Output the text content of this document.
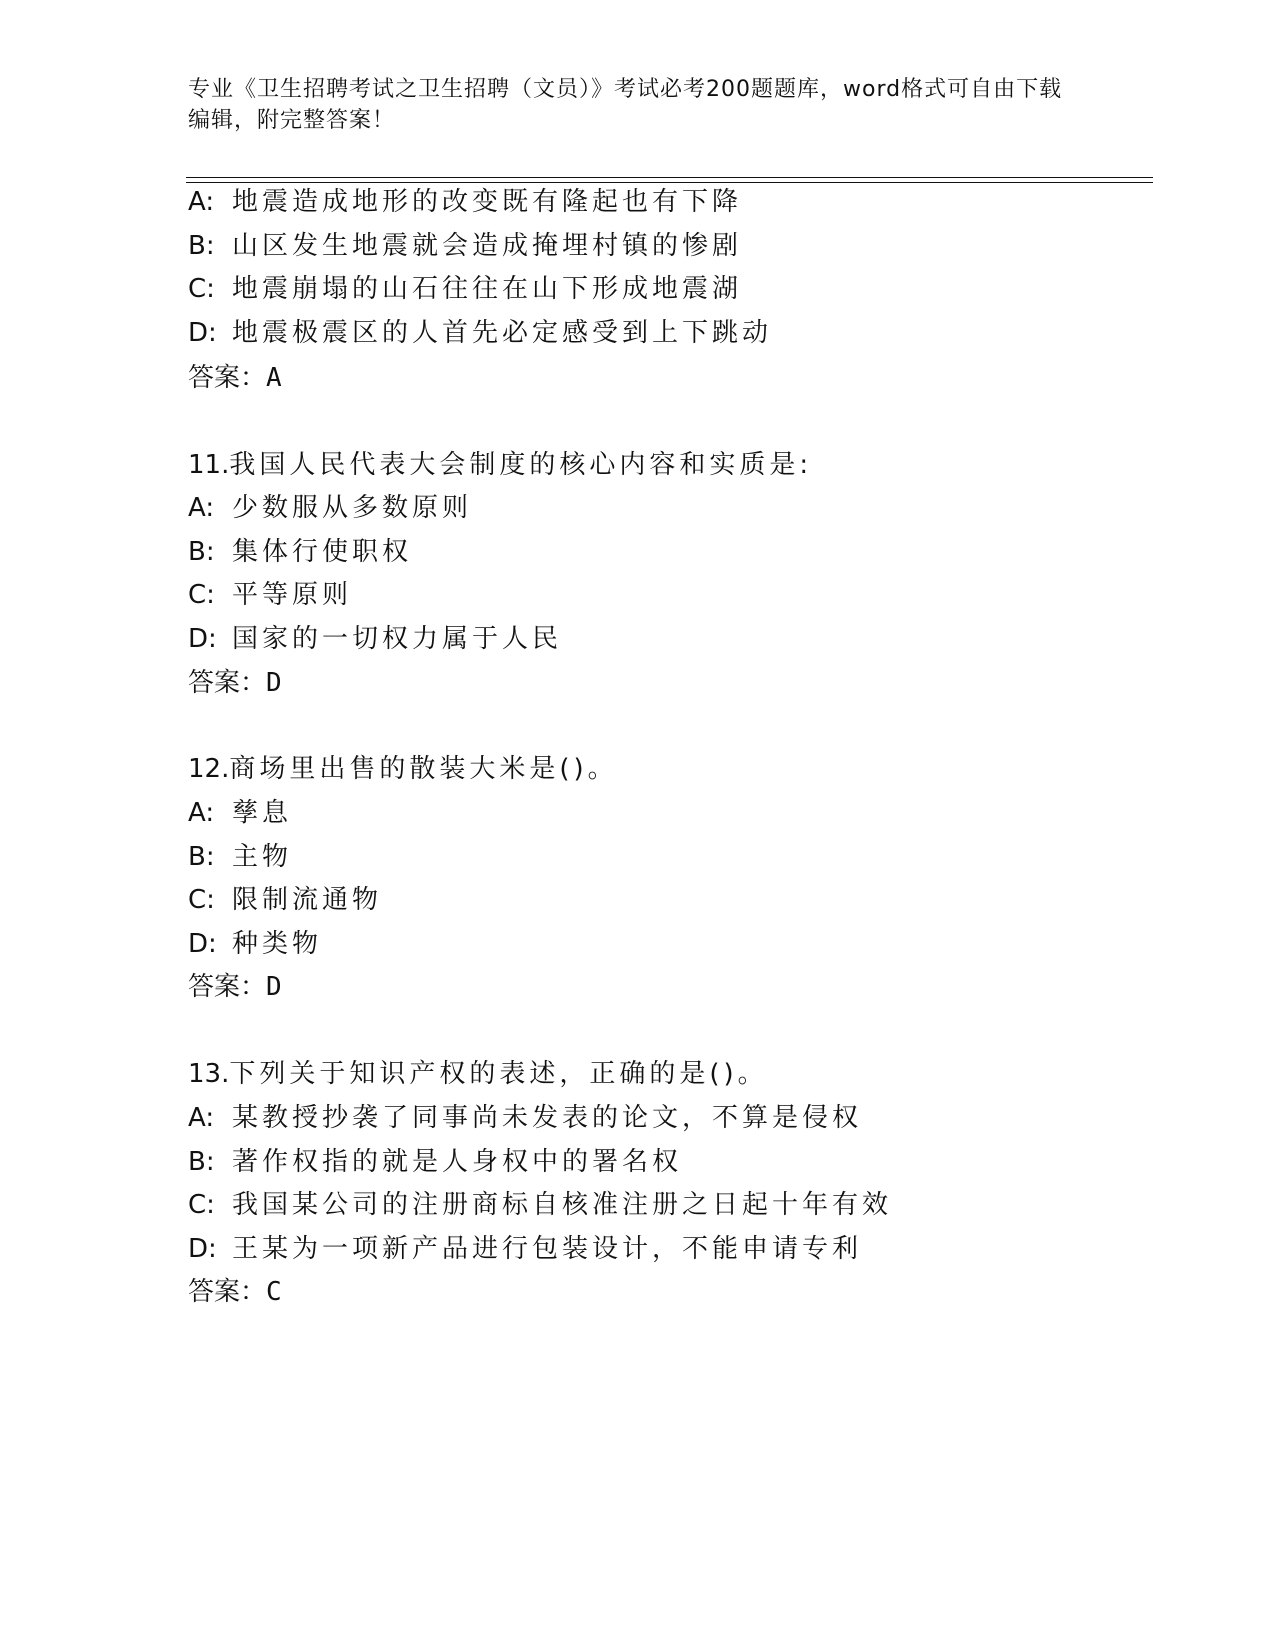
专业《卫生招聘考试之卫生招聘（文员）》考试必考200题题库，word格式可自由下载编辑，附完整答案！
A: 地震造成地形的改变既有隆起也有下降
B: 山区发生地震就会造成掩埋村镇的惨剧
C: 地震崩塌的山石往往在山下形成地震湖
D: 地震极震区的人首先必定感受到上下跳动
答案：A
11.我国人民代表大会制度的核心内容和实质是:
A: 少数服从多数原则
B: 集体行使职权
C: 平等原则
D: 国家的一切权力属于人民
答案：D
12.商场里出售的散装大米是()。
A: 孳息
B: 主物
C: 限制流通物
D: 种类物
答案：D
13.下列关于知识产权的表述，正确的是()。
A: 某教授抄袭了同事尚未发表的论文，不算是侵权
B: 著作权指的就是人身权中的署名权
C: 我国某公司的注册商标自核准注册之日起十年有效
D: 王某为一项新产品进行包装设计，不能申请专利
答案：C
